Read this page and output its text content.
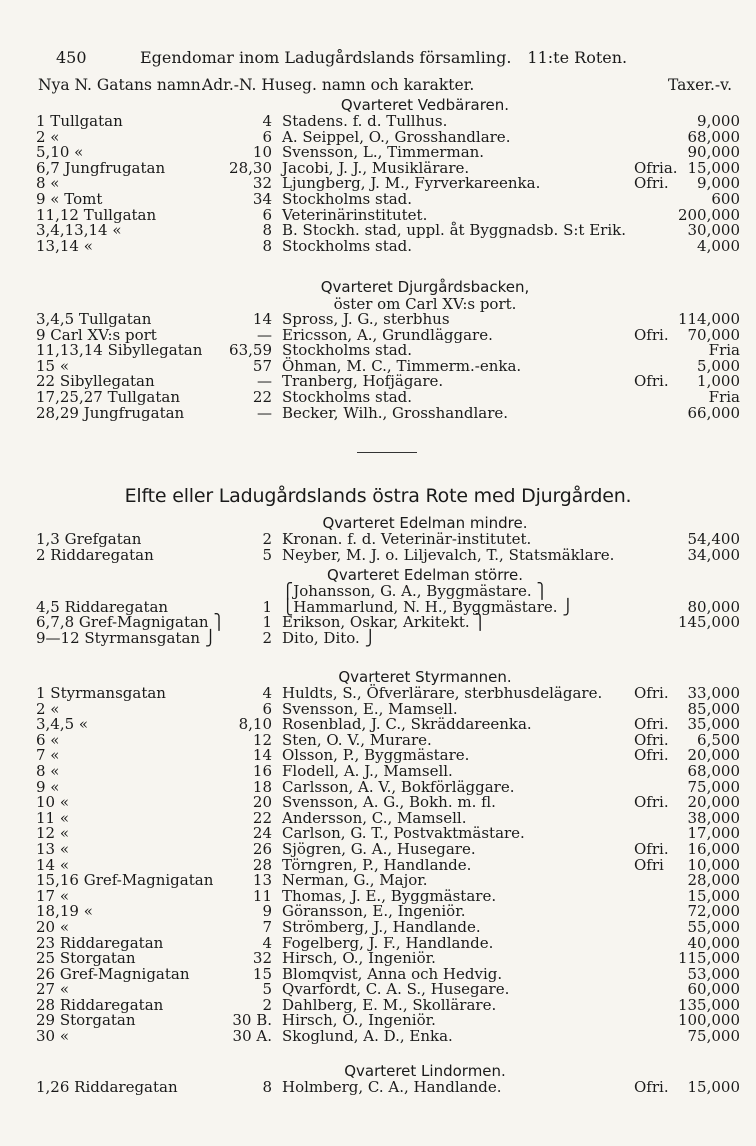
450	Egendomar inom Ladugårdslands församling. 11:te Roten.
Nya N. Gatans namn.
Adr.-N. Huseg. namn och karakter.	Taxer.-v.
Qvarteret Vedbäraren.
1 Tullgatan	4 Stadens. f. d. Tullhus.	9,000
2 «	6 A. Seippel, O., Grosshandlare.	68,000
5,10 «	10 Svensson, L., Timmerman.	90,000
6,7 Jungfrugatan	28,30 Jacobi, J. J., Musiklärare.	Ofria. 15,000
8 «	32 Ljungberg, J. M., Fyrverkareenka.	Ofri. 9,000
9 « Tomt	34 Stockholms stad.	600
11,12 Tullgatan	6 Veterinärinstitutet.	200,000
3,4,13,14 «	8 B. Stockh. stad, uppl. åt Byggnadsb. S:t Erik.	30,000
13,14 «	8 Stockholms stad.	4,000
Qvarteret Djurgårdsbacken,
öster om Carl XV:s port.
3,4,5 Tullgatan	14 Spross, J. G., sterbhus	114,000
9 Carl XV:s port	— Ericsson, A., Grundläggare.	Ofri. 70,000
11,13,14 Sibyllegatan	63,59 Stockholms stad.	Fria
15 «	57 Öhman, M. C., Timmerm.-enka.	5,000
22 Sibyllegatan	— Tranberg, Hofjägare.	Ofri. 1,000
17,25,27 Tullgatan	22 Stockholms stad.	Fria
28,29 Jungfrugatan	— Becker, Wilh., Grosshandlare.	66,000
Elfte eller Ladugårdslands östra Rote med Djurgården.
Qvarteret Edelman mindre.
1,3 Grefgatan	2 Kronan. f. d. Veterinär-institutet.	54,400
2 Riddaregatan	5 Neyber, M. J. o. Liljevalch, T., Statsmäklare.	34,000
Qvarteret Edelman större.
⎧Johansson, G. A., Byggmästare. ⎫
4,5 Riddaregatan	1 ⎩Hammarlund, N. H., Byggmästare. ⎭	80,000
6,7,8 Gref-Magnigatan ⎫	1 Erikson, Oskar, Arkitekt. ⎫	145,000
9—12 Styrmansgatan ⎭	2 Dito, Dito. ⎭
Qvarteret Styrmannen.
1 Styrmansgatan	4 Huldts, S., Öfverlärare, sterbhusdelägare. Ofri. 33,000
2 «	6 Svensson, E., Mamsell.	85,000
3,4,5 «	8,10 Rosenblad, J. C., Skräddareenka.	Ofri. 35,000
6 «	12 Sten, O. V., Murare.	Ofri. 6,500
7 «	14 Olsson, P., Byggmästare.	Ofri. 20,000
8 «	16 Flodell, A. J., Mamsell.	68,000
9 «	18 Carlsson, A. V., Bokförläggare.	75,000
10 «	20 Svensson, A. G., Bokh. m. fl.	Ofri. 20,000
11 «	22 Andersson, C., Mamsell.	38,000
12 «	24 Carlson, G. T., Postvaktmästare.	17,000
13 «	26 Sjögren, G. A., Husegare.	Ofri. 16,000
14 «	28 Törngren, P., Handlande.	Ofri 10,000
15,16 Gref-Magnigatan	13 Nerman, G., Major.	28,000
17 «	11 Thomas, J. E., Byggmästare.	15,000
18,19 «	9 Göransson, E., Ingeniör.	72,000
20 «	7 Strömberg, J., Handlande.	55,000
23 Riddaregatan	4 Fogelberg, J. F., Handlande.	40,000
25 Storgatan	32 Hirsch, O., Ingeniör.	115,000
26 Gref-Magnigatan	15 Blomqvist, Anna och Hedvig.	53,000
27 «	5 Qvarfordt, C. A. S., Husegare.	60,000
28 Riddaregatan	2 Dahlberg, E. M., Skollärare.	135,000
29 Storgatan	30 B. Hirsch, O., Ingeniör.	100,000
30 «	30 A. Skoglund, A. D., Enka.	75,000
Qvarteret Lindormen.
1,26 Riddaregatan	8 Holmberg, C. A., Handlande.	Ofri. 15,000
